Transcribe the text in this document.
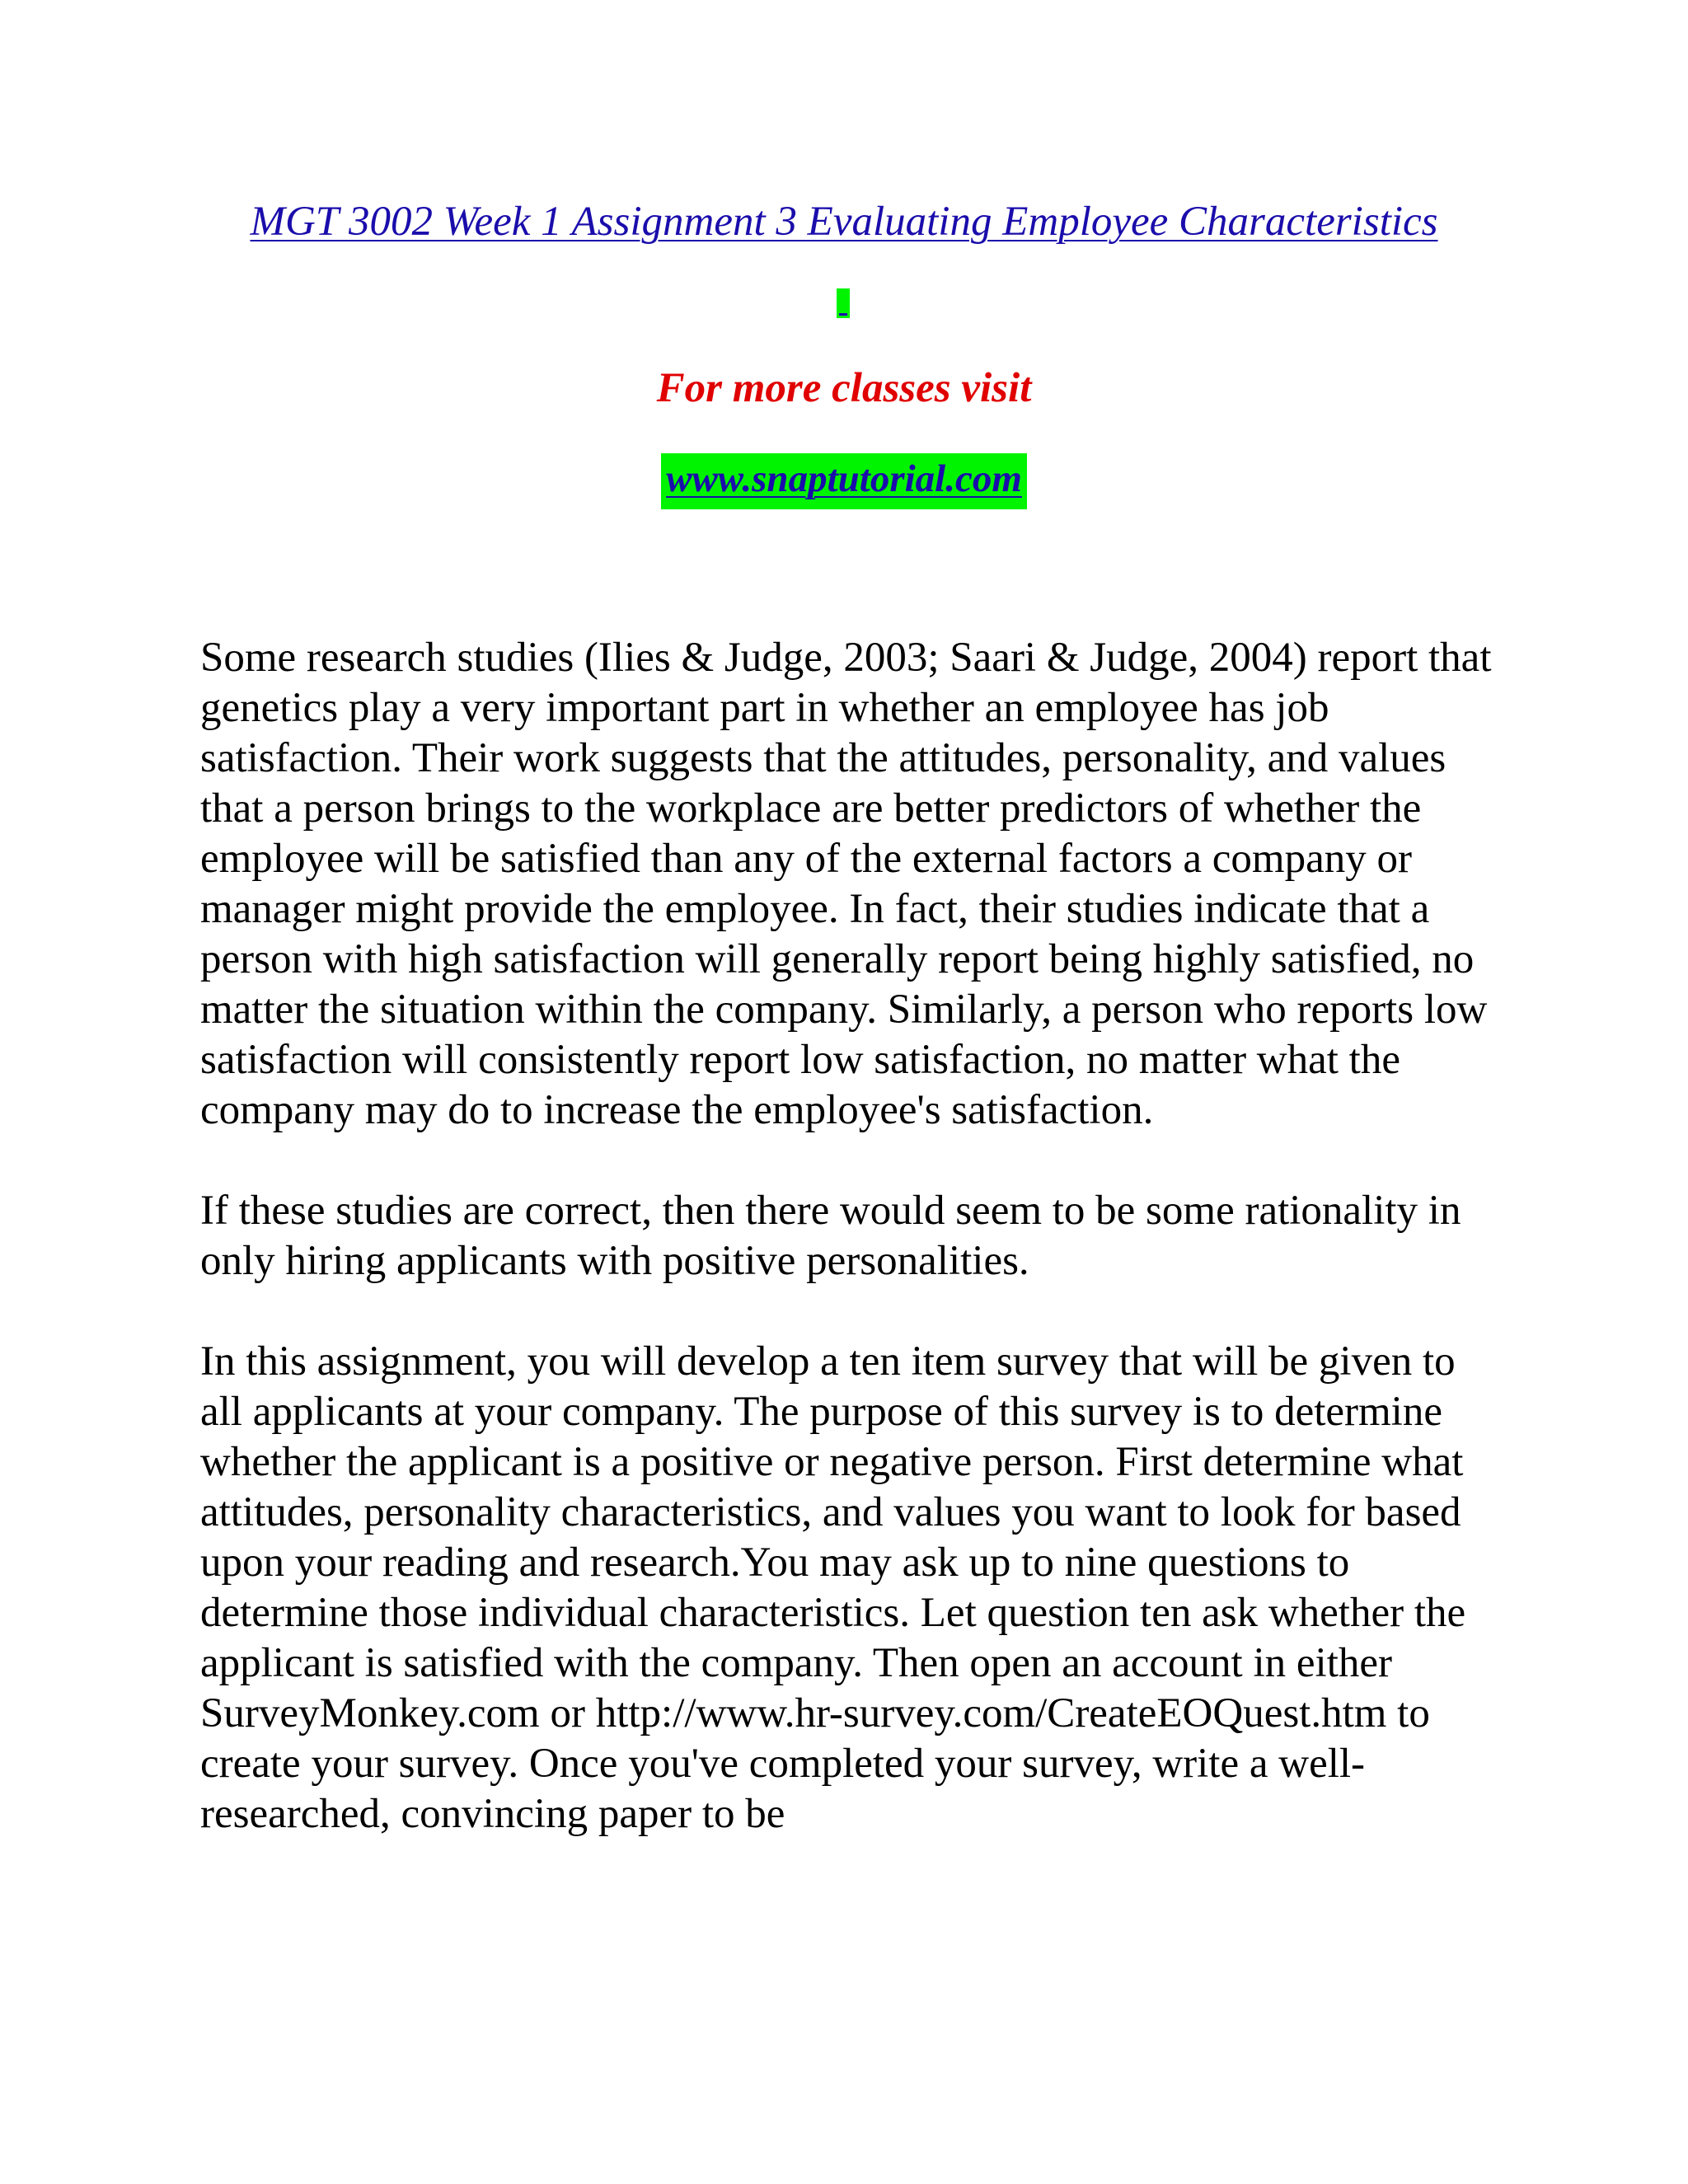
MGT 3002 Week 1 Assignment 3 Evaluating Employee Characteristics
For more classes visit
www.snaptutorial.com

Some research studies (Ilies & Judge, 2003; Saari & Judge, 2004) report that genetics play a very important part in whether an employee has job satisfaction. Their work suggests that the attitudes, personality, and values that a person brings to the workplace are better predictors of whether the employee will be satisfied than any of the external factors a company or manager might provide the employee. In fact, their studies indicate that a person with high satisfaction will generally report being highly satisfied, no matter the situation within the company. Similarly, a person who reports low satisfaction will consistently report low satisfaction, no matter what the company may do to increase the employee's satisfaction.

If these studies are correct, then there would seem to be some rationality in only hiring applicants with positive personalities.

In this assignment, you will develop a ten item survey that will be given to all applicants at your company. The purpose of this survey is to determine whether the applicant is a positive or negative person. First determine what attitudes, personality characteristics, and values you want to look for based upon your reading and research.You may ask up to nine questions to determine those individual characteristics. Let question ten ask whether the applicant is satisfied with the company. Then open an account in either SurveyMonkey.com or http://www.hr-survey.com/CreateEOQuest.htm to create your survey. Once you've completed your survey, write a well-researched, convincing paper to be
